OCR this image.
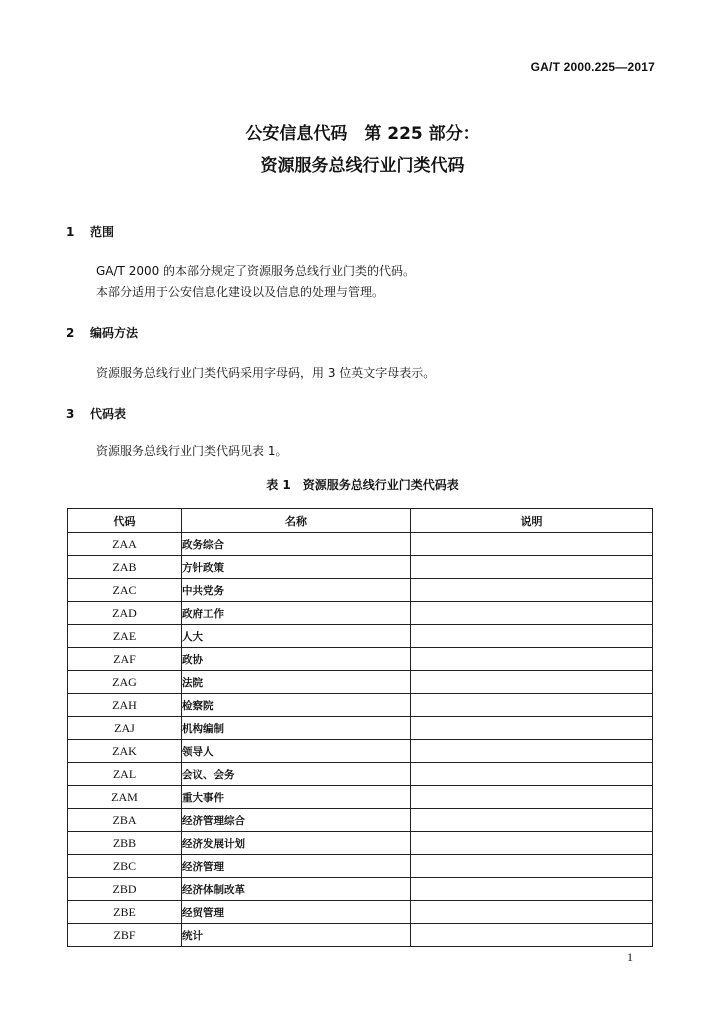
GA/T 2000.225—2017
公安信息代码　第 225 部分：
资源服务总线行业门类代码
1 范围
GA/T 2000 的本部分规定了资源服务总线行业门类的代码。
本部分适用于公安信息化建设以及信息的处理与管理。
2 编码方法
资源服务总线行业门类代码采用字母码，用 3 位英文字母表示。
3 代码表
资源服务总线行业门类代码见表 1。
表 1　资源服务总线行业门类代码表
代码	名称	说明
ZAA	政务综合	
ZAB	方针政策	
ZAC	中共党务	
ZAD	政府工作	
ZAE	人大	
ZAF	政协	
ZAG	法院	
ZAH	检察院	
ZAJ	机构编制	
ZAK	领导人	
ZAL	会议、会务	
ZAM	重大事件	
ZBA	经济管理综合	
ZBB	经济发展计划	
ZBC	经济管理	
ZBD	经济体制改革	
ZBE	经贸管理	
ZBF	统计	
1
